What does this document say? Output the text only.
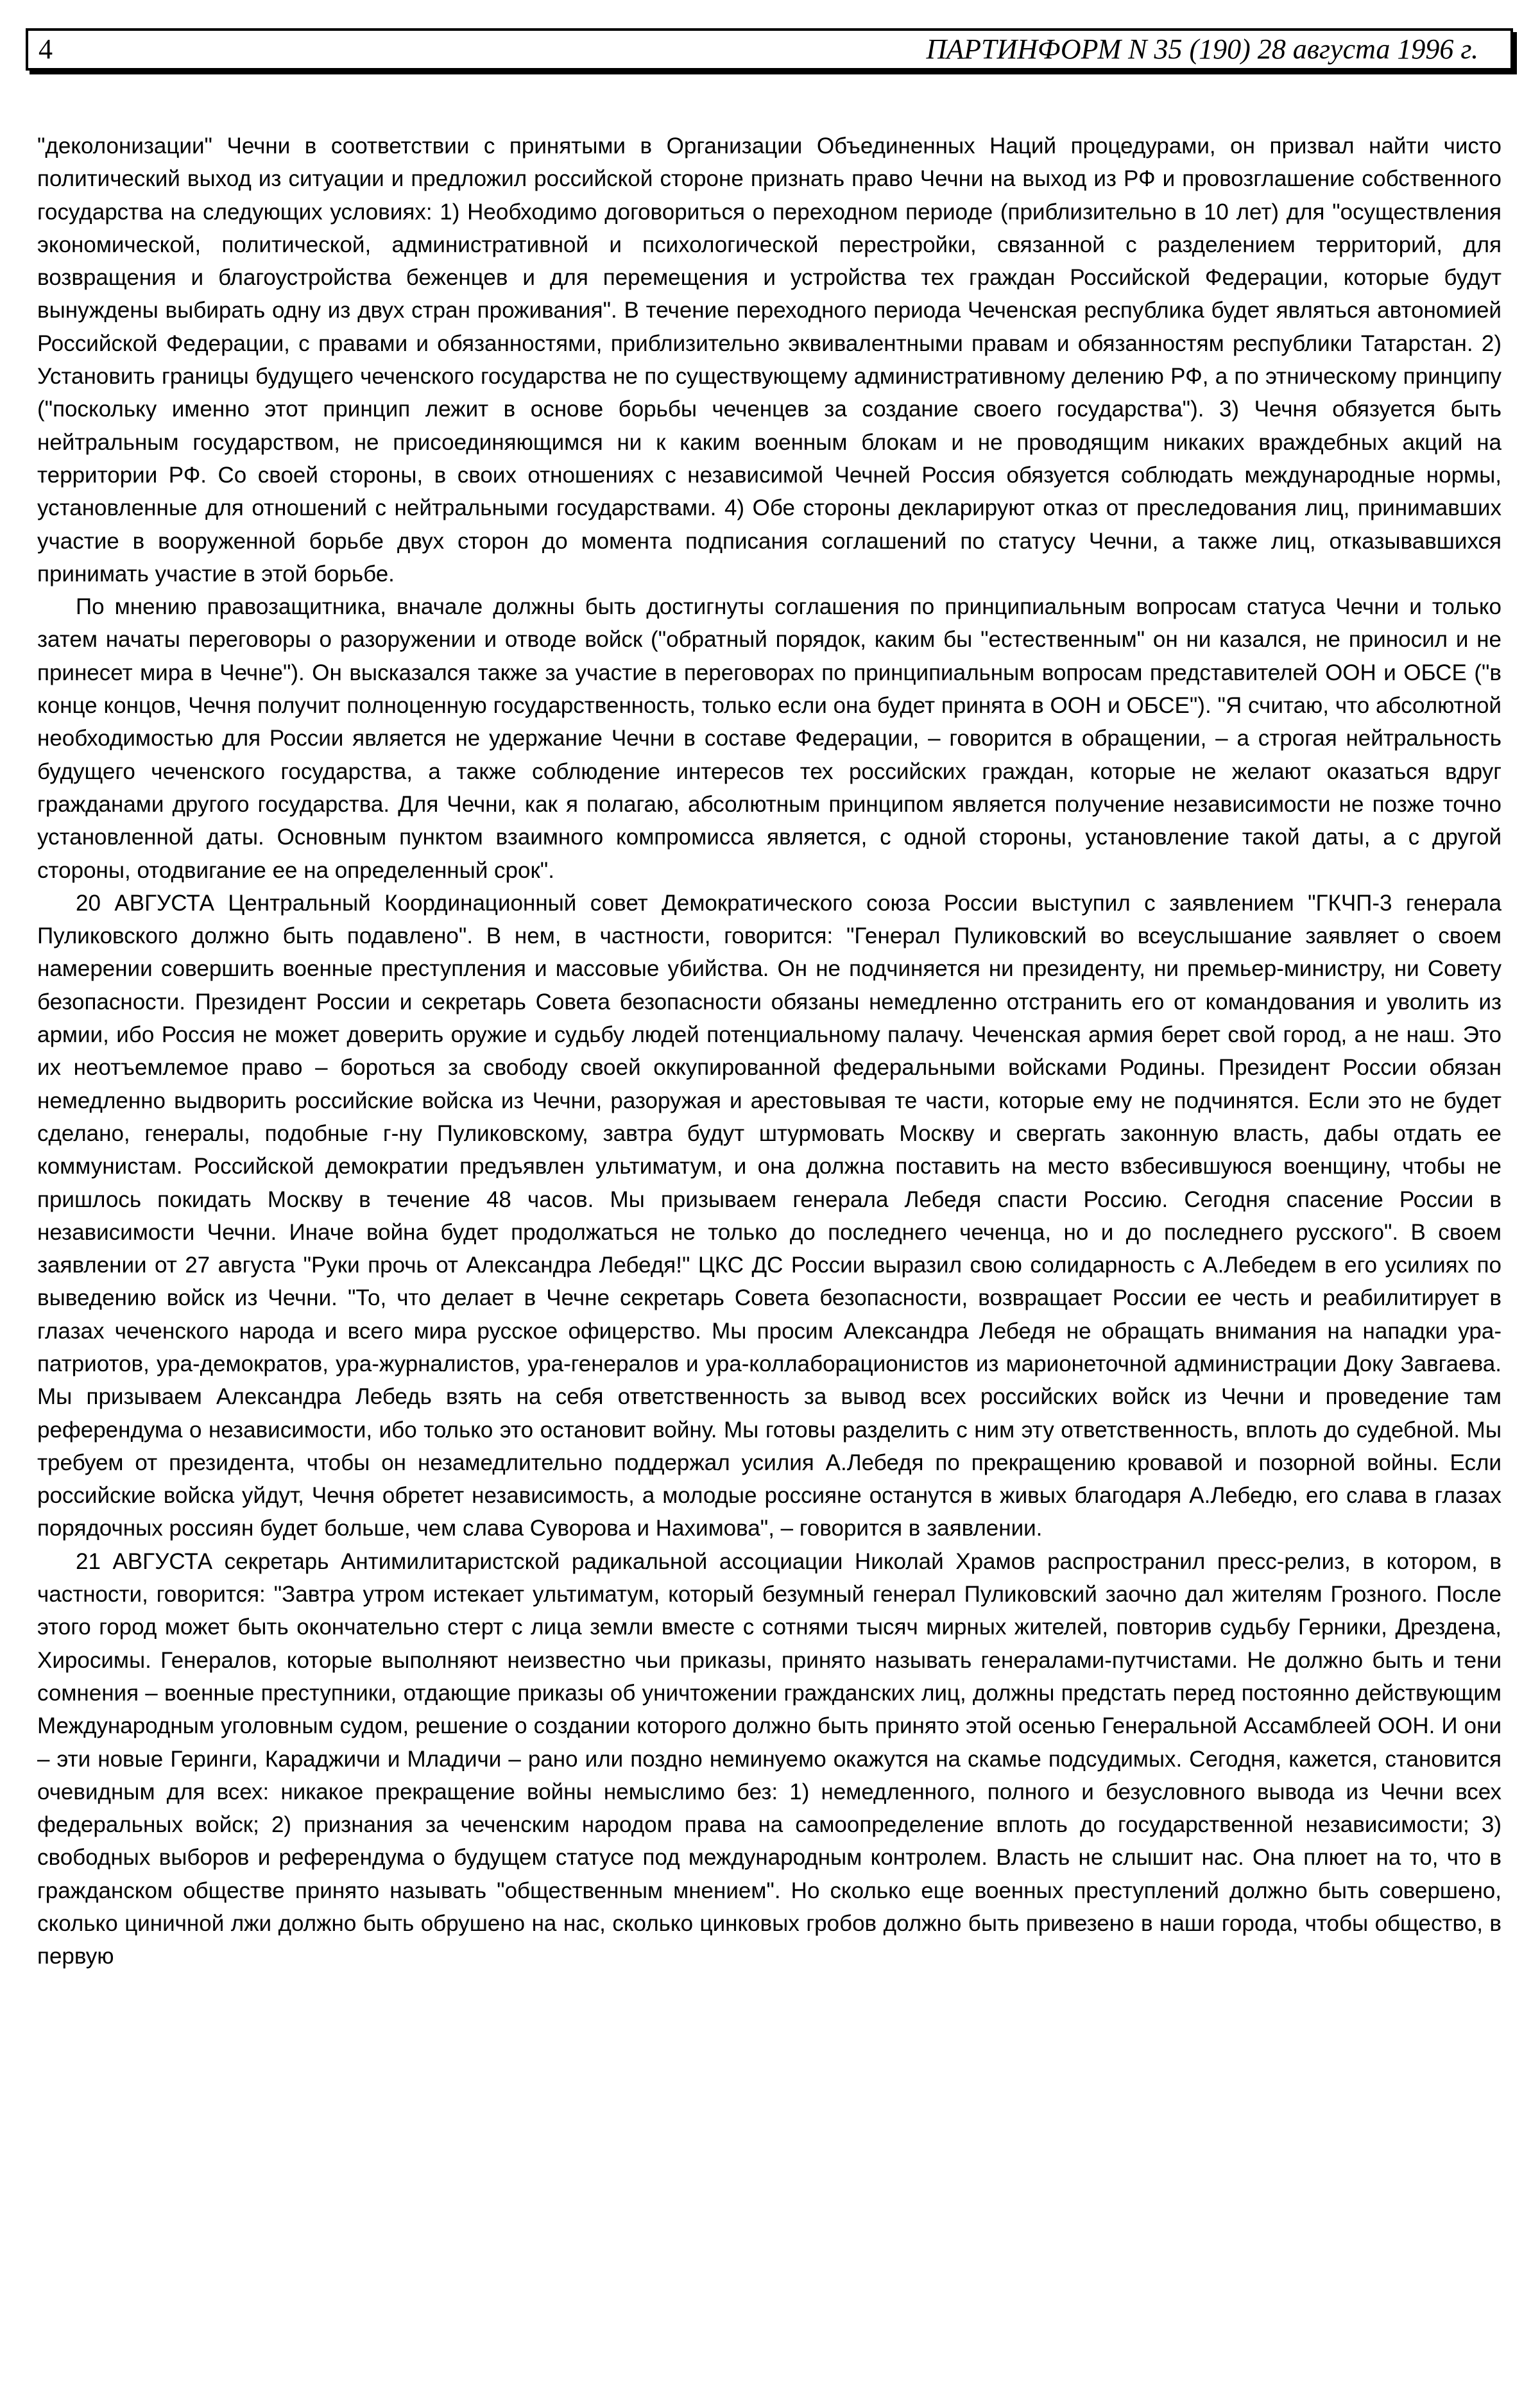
4	ПАРТИНФОРМ N 35 (190) 28 августа 1996 г.

"деколонизации" Чечни в соответствии с принятыми в Организации Объединенных Наций процедурами, он призвал найти чисто политический выход из ситуации и предложил российской стороне признать право Чечни на выход из РФ и провозглашение собственного государства на следующих условиях: 1) Необходимо договориться о переходном периоде (приблизительно в 10 лет) для "осуществления экономической, политической, административной и психологической перестройки, связанной с разделением территорий, для возвращения и благоустройства беженцев и для перемещения и устройства тех граждан Российской Федерации, которые будут вынуждены выбирать одну из двух стран проживания". В течение переходного периода Чеченская республика будет являться автономией Российской Федерации, с правами и обязанностями, приблизительно эквивалентными правам и обязанностям республики Татарстан. 2) Установить границы будущего чеченского государства не по существующему административному делению РФ, а по этническому принципу ("поскольку именно этот принцип лежит в основе борьбы чеченцев за создание своего государства"). 3) Чечня обязуется быть нейтральным государством, не присоединяющимся ни к каким военным блокам и не проводящим никаких враждебных акций на территории РФ. Со своей стороны, в своих отношениях с независимой Чечней Россия обязуется соблюдать международные нормы, установленные для отношений с нейтральными государствами. 4) Обе стороны декларируют отказ от преследования лиц, принимавших участие в вооруженной борьбе двух сторон до момента подписания соглашений по статусу Чечни, а также лиц, отказывавшихся принимать участие в этой борьбе.

По мнению правозащитника, вначале должны быть достигнуты соглашения по принципиальным вопросам статуса Чечни и только затем начаты переговоры о разоружении и отводе войск ("обратный порядок, каким бы "естественным" он ни казался, не приносил и не принесет мира в Чечне"). Он высказался также за участие в переговорах по принципиальным вопросам представителей ООН и ОБСЕ ("в конце концов, Чечня получит полноценную государственность, только если она будет принята в ООН и ОБСЕ"). "Я считаю, что абсолютной необходимостью для России является не удержание Чечни в составе Федерации, – говорится в обращении, – а строгая нейтральность будущего чеченского государства, а также соблюдение интересов тех российских граждан, которые не желают оказаться вдруг гражданами другого государства. Для Чечни, как я полагаю, абсолютным принципом является получение независимости не позже точно установленной даты. Основным пунктом взаимного компромисса является, с одной стороны, установление такой даты, а с другой стороны, отодвигание ее на определенный срок".

20 АВГУСТА Центральный Координационный совет Демократического союза России выступил с заявлением "ГКЧП-3 генерала Пуликовского должно быть подавлено". В нем, в частности, говорится: "Генерал Пуликовский во всеуслышание заявляет о своем намерении совершить военные преступления и массовые убийства. Он не подчиняется ни президенту, ни премьер-министру, ни Совету безопасности. Президент России и секретарь Совета безопасности обязаны немедленно отстранить его от командования и уволить из армии, ибо Россия не может доверить оружие и судьбу людей потенциальному палачу. Чеченская армия берет свой город, а не наш. Это их неотъемлемое право – бороться за свободу своей оккупированной федеральными войсками Родины. Президент России обязан немедленно выдворить российские войска из Чечни, разоружая и арестовывая те части, которые ему не подчинятся. Если это не будет сделано, генералы, подобные г-ну Пуликовскому, завтра будут штурмовать Москву и свергать законную власть, дабы отдать ее коммунистам. Российской демократии предъявлен ультиматум, и она должна поставить на место взбесившуюся военщину, чтобы не пришлось покидать Москву в течение 48 часов. Мы призываем генерала Лебедя спасти Россию. Сегодня спасение России в независимости Чечни. Иначе война будет продолжаться не только до последнего чеченца, но и до последнего русского". В своем заявлении от 27 августа "Руки прочь от Александра Лебедя!" ЦКС ДС России выразил свою солидарность с А.Лебедем в его усилиях по выведению войск из Чечни. "То, что делает в Чечне секретарь Совета безопасности, возвращает России ее честь и реабилитирует в глазах чеченского народа и всего мира русское офицерство. Мы просим Александра Лебедя не обращать внимания на нападки ура-патриотов, ура-демократов, ура-журналистов, ура-генералов и ура-коллаборационистов из марионеточной администрации Доку Завгаева. Мы призываем Александра Лебедь взять на себя ответственность за вывод всех российских войск из Чечни и проведение там референдума о независимости, ибо только это остановит войну. Мы готовы разделить с ним эту ответственность, вплоть до судебной. Мы требуем от президента, чтобы он незамедлительно поддержал усилия А.Лебедя по прекращению кровавой и позорной войны. Если российские войска уйдут, Чечня обретет независимость, а молодые россияне останутся в живых благодаря А.Лебедю, его слава в глазах порядочных россиян будет больше, чем слава Суворова и Нахимова", – говорится в заявлении.

21 АВГУСТА секретарь Антимилитаристской радикальной ассоциации Николай Храмов распространил пресс-релиз, в котором, в частности, говорится: "Завтра утром истекает ультиматум, который безумный генерал Пуликовский заочно дал жителям Грозного. После этого город может быть окончательно стерт с лица земли вместе с сотнями тысяч мирных жителей, повторив судьбу Герники, Дрездена, Хиросимы. Генералов, которые выполняют неизвестно чьи приказы, принято называть генералами-путчистами. Не должно быть и тени сомнения – военные преступники, отдающие приказы об уничтожении гражданских лиц, должны предстать перед постоянно действующим Международным уголовным судом, решение о создании которого должно быть принято этой осенью Генеральной Ассамблеей ООН. И они – эти новые Геринги, Караджичи и Младичи – рано или поздно неминуемо окажутся на скамье подсудимых. Сегодня, кажется, становится очевидным для всех: никакое прекращение войны немыслимо без: 1) немедленного, полного и безусловного вывода из Чечни всех федеральных войск; 2) признания за чеченским народом права на самоопределение вплоть до государственной независимости; 3) свободных выборов и референдума о будущем статусе под международным контролем. Власть не слышит нас. Она плюет на то, что в гражданском обществе принято называть "общественным мнением". Но сколько еще военных преступлений должно быть совершено, сколько циничной лжи должно быть обрушено на нас, сколько цинковых гробов должно быть привезено в наши города, чтобы общество, в первую
